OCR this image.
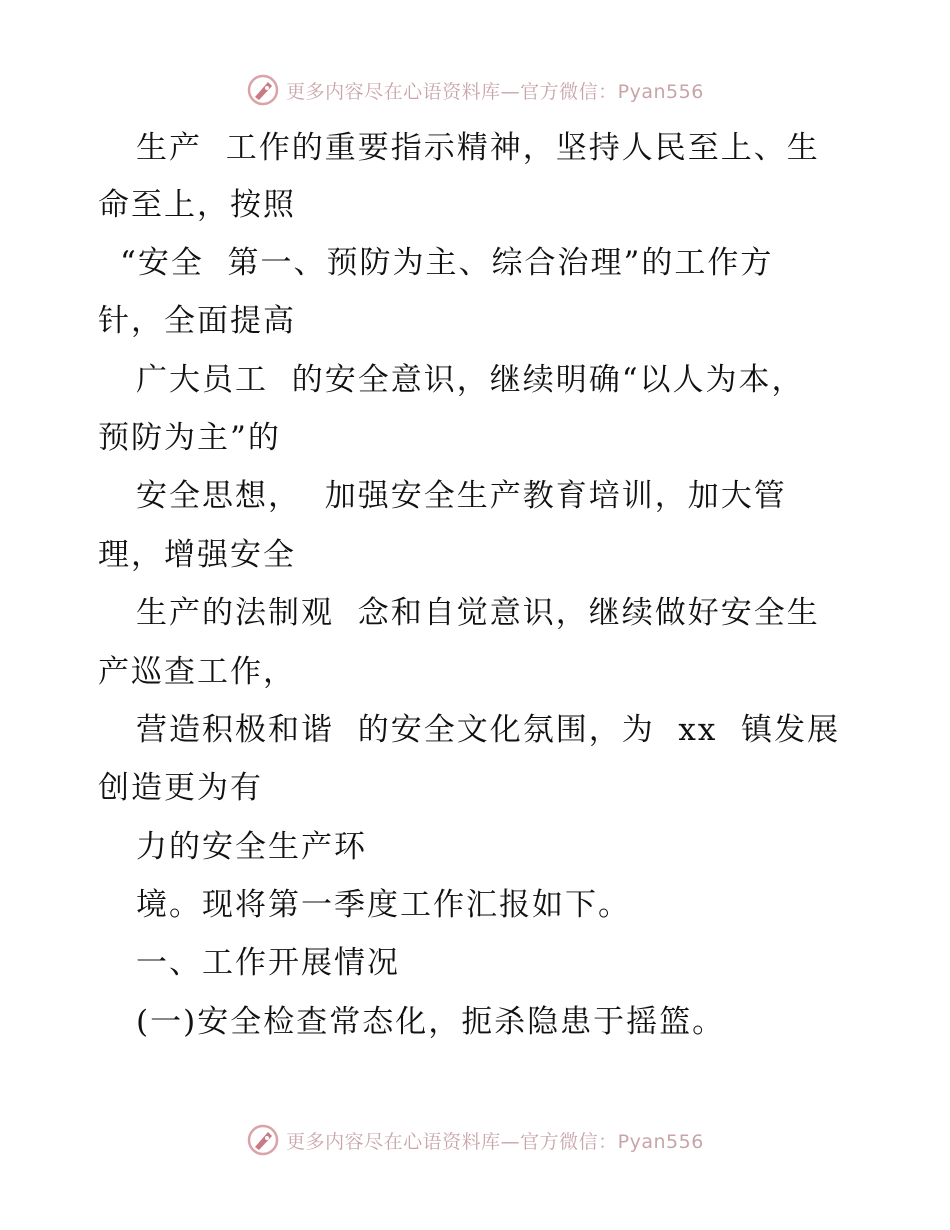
更多内容尽在心语资料库—官方微信：Pyan556
生产  工作的重要指示精神，坚持人民至上、生
命至上，按照
“安全  第一、预防为主、综合治理”的工作方
针，全面提高
广大员工  的安全意识，继续明确“以人为本，
预防为主”的
安全思想，  加强安全生产教育培训，加大管
理，增强安全
生产的法制观  念和自觉意识，继续做好安全生
产巡查工作，
营造积极和谐  的安全文化氛围，为  xx  镇发展
创造更为有
力的安全生产环
境。现将第一季度工作汇报如下。
一、工作开展情况
(一)安全检查常态化，扼杀隐患于摇篮。
更多内容尽在心语资料库—官方微信：Pyan556
